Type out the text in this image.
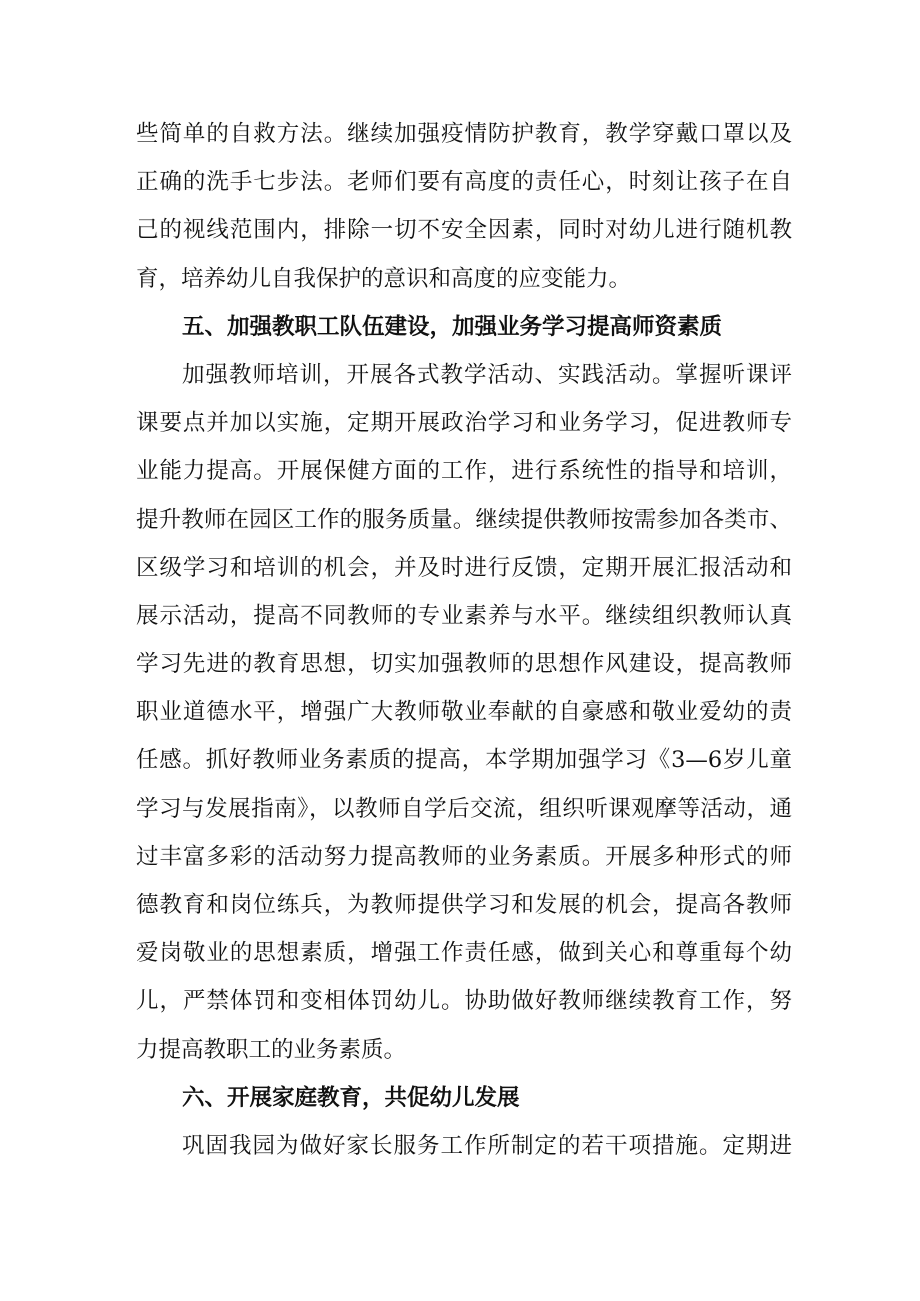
些简单的自救方法。继续加强疫情防护教育，教学穿戴口罩以及
正确的洗手七步法。老师们要有高度的责任心，时刻让孩子在自
己的视线范围内，排除一切不安全因素，同时对幼儿进行随机教
育，培养幼儿自我保护的意识和高度的应变能力。
五、加强教职工队伍建设，加强业务学习提高师资素质
加强教师培训，开展各式教学活动、实践活动。掌握听课评
课要点并加以实施，定期开展政治学习和业务学习，促进教师专
业能力提高。开展保健方面的工作，进行系统性的指导和培训，
提升教师在园区工作的服务质量。继续提供教师按需参加各类市、
区级学习和培训的机会，并及时进行反馈，定期开展汇报活动和
展示活动，提高不同教师的专业素养与水平。继续组织教师认真
学习先进的教育思想，切实加强教师的思想作风建设，提高教师
职业道德水平，增强广大教师敬业奉献的自豪感和敬业爱幼的责
任感。抓好教师业务素质的提高，本学期加强学习《3—6岁儿童
学习与发展指南》，以教师自学后交流，组织听课观摩等活动，通
过丰富多彩的活动努力提高教师的业务素质。开展多种形式的师
德教育和岗位练兵，为教师提供学习和发展的机会，提高各教师
爱岗敬业的思想素质，增强工作责任感，做到关心和尊重每个幼
儿，严禁体罚和变相体罚幼儿。协助做好教师继续教育工作，努
力提高教职工的业务素质。
六、开展家庭教育，共促幼儿发展
巩固我园为做好家长服务工作所制定的若干项措施。定期进
